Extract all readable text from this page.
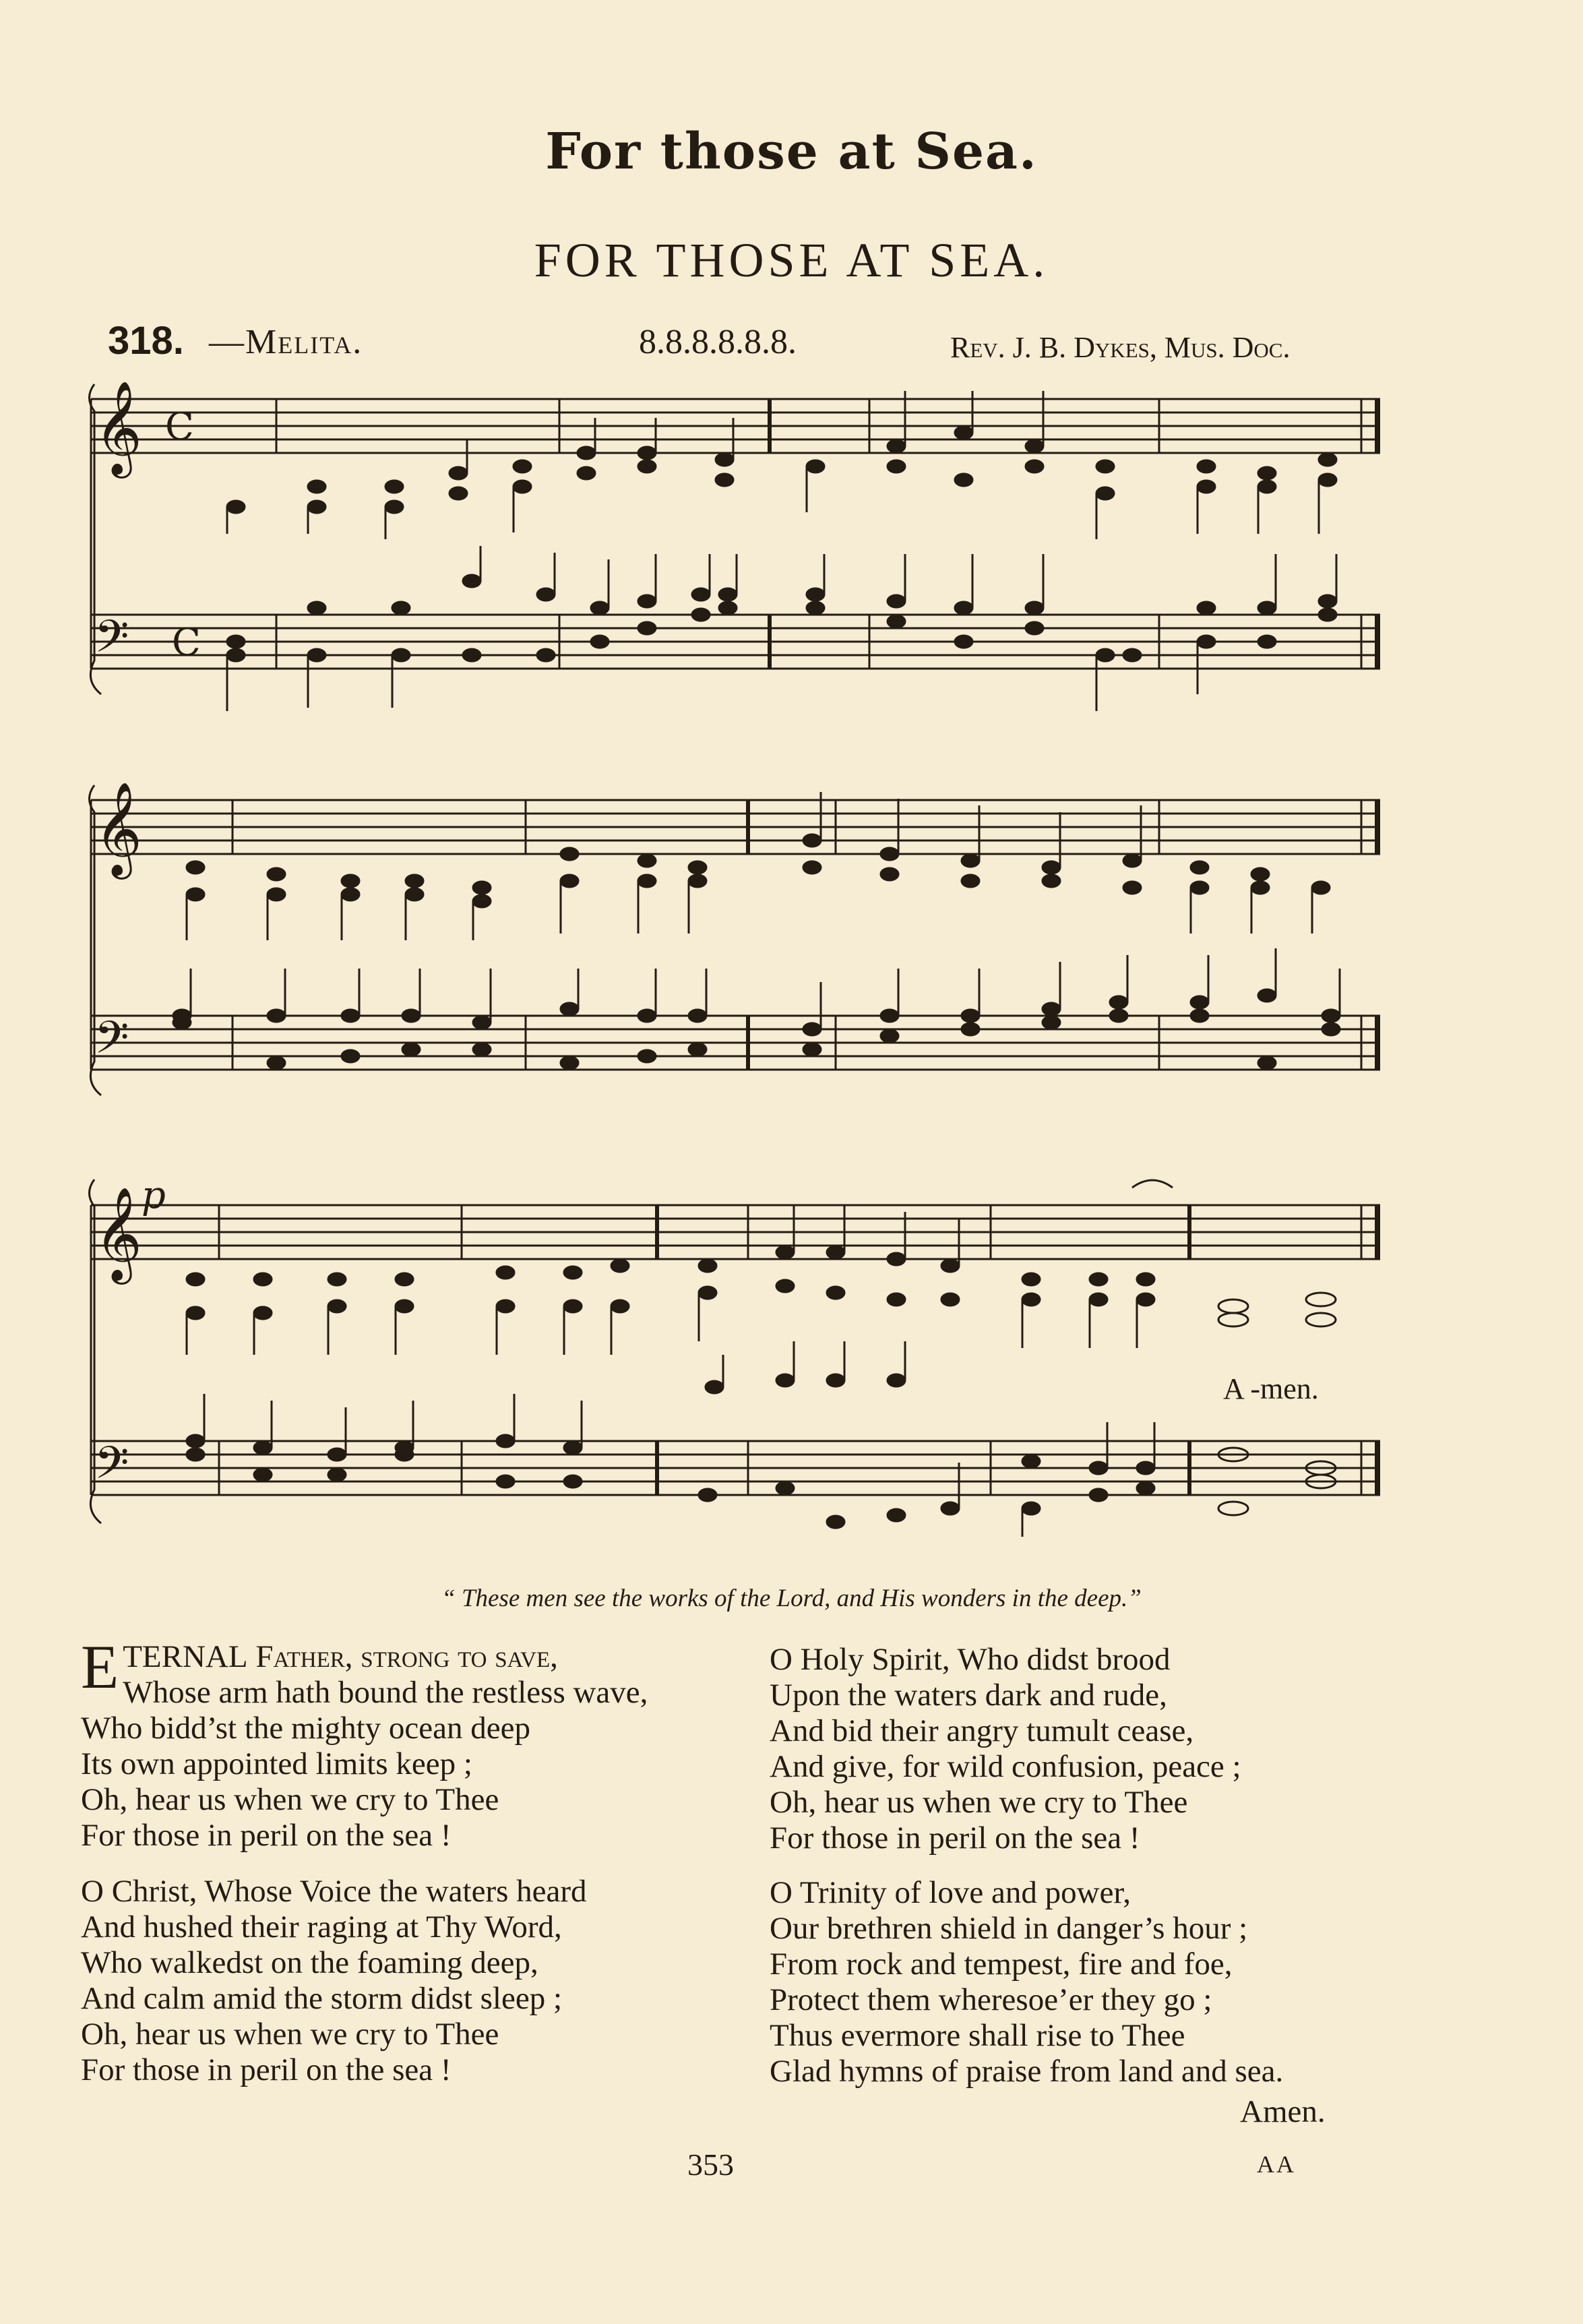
For those at Sea.
FOR THOSE AT SEA.
318. —Melita.	8.8.8.8.8.8.	Rev. J. B. Dykes, Mus. Doc.
𝄞 C
𝄢 C
𝄞
𝄢
𝄞
𝄢
p
A -men.
“ These men see the works of the Lord, and His wonders in the deep.”
ETERNAL Father, strong to save,
Whose arm hath bound the restless wave,
Who bidd’st the mighty ocean deep
Its own appointed limits keep ;
Oh, hear us when we cry to Thee
For those in peril on the sea !
O Christ, Whose Voice the waters heard
And hushed their raging at Thy Word,
Who walkedst on the foaming deep,
And calm amid the storm didst sleep ;
Oh, hear us when we cry to Thee
For those in peril on the sea !
O Holy Spirit, Who didst brood
Upon the waters dark and rude,
And bid their angry tumult cease,
And give, for wild confusion, peace ;
Oh, hear us when we cry to Thee
For those in peril on the sea !
O Trinity of love and power,
Our brethren shield in danger’s hour ;
From rock and tempest, fire and foe,
Protect them wheresoe’er they go ;
Thus evermore shall rise to Thee
Glad hymns of praise from land and sea.
Amen.
353	AA
